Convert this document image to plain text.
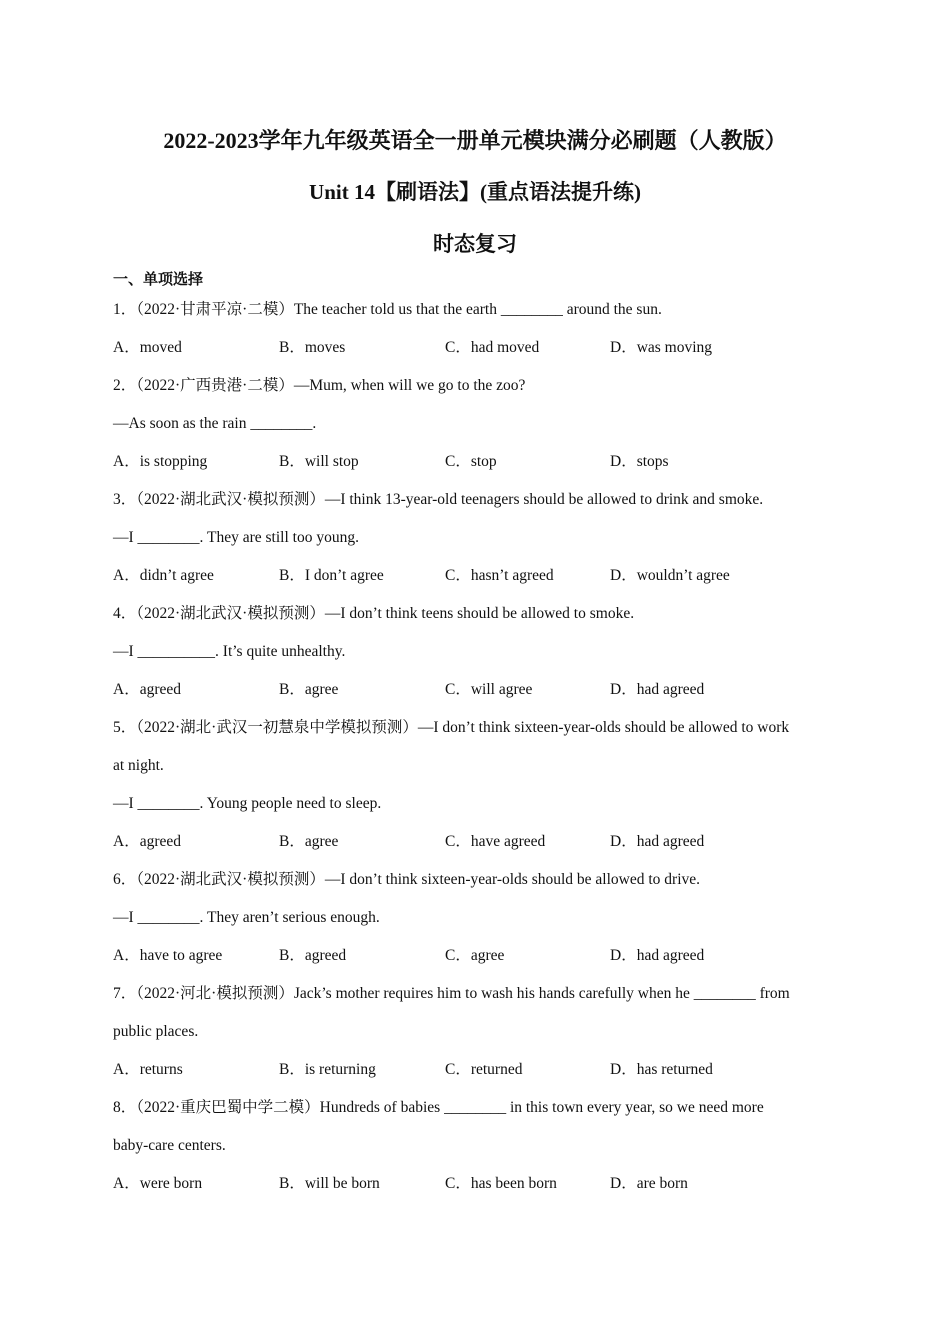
2022-2023学年九年级英语全一册单元模块满分必刷题（人教版）
Unit 14【刷语法】(重点语法提升练)
时态复习
一、单项选择
1．（2022·甘肃平凉·二模）The teacher told us that the earth ________ around the sun.
A．moved	B．moves	C．had moved	D．was moving
2．（2022·广西贵港·二模）—Mum, when will we go to the zoo?
—As soon as the rain ________.
A．is stopping	B．will stop	C．stop	D．stops
3．（2022·湖北武汉·模拟预测）—I think 13-year-old teenagers should be allowed to drink and smoke.
—I ________. They are still too young.
A．didn’t agree	B．I don’t agree	C．hasn’t agreed	D．wouldn’t agree
4．（2022·湖北武汉·模拟预测）—I don’t think teens should be allowed to smoke.
—I __________. It’s quite unhealthy.
A．agreed	B．agree	C．will agree	D．had agreed
5．（2022·湖北·武汉一初慧泉中学模拟预测）—I don’t think sixteen-year-olds should be allowed to work
at night.
—I ________. Young people need to sleep.
A．agreed	B．agree	C．have agreed	D．had agreed
6．（2022·湖北武汉·模拟预测）—I don’t think sixteen-year-olds should be allowed to drive.
—I ________. They aren’t serious enough.
A．have to agree	B．agreed	C．agree	D．had agreed
7．（2022·河北·模拟预测）Jack’s mother requires him to wash his hands carefully when he ________ from
public places.
A．returns	B．is returning	C．returned	D．has returned
8．（2022·重庆巴蜀中学二模）Hundreds of babies ________ in this town every year, so we need more
baby-care centers.
A．were born	B．will be born	C．has been born	D．are born
